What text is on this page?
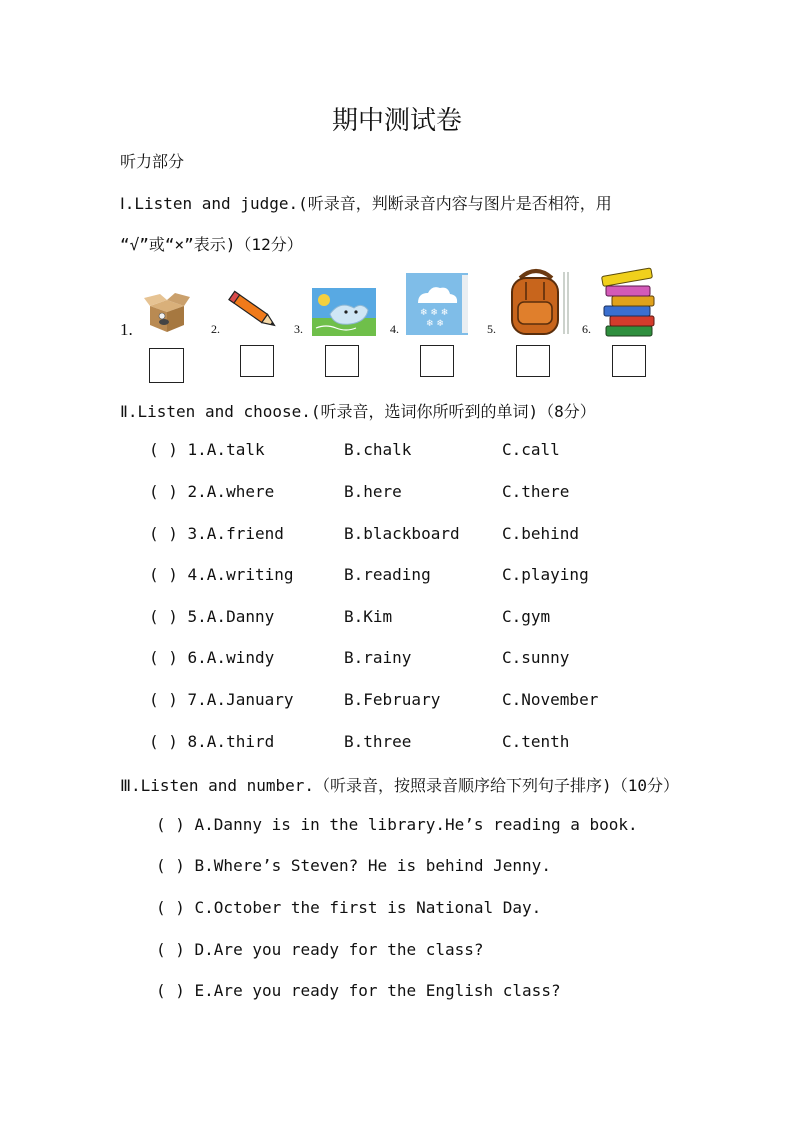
期中测试卷
听力部分
Ⅰ.Listen and judge.(听录音，判断录音内容与图片是否相符，用
“√”或“×”表示)（12分）
1.	2.	3.	4.	5.	6.
❄ ❄ ❄
❄ ❄
Ⅱ.Listen and choose.(听录音，选词你所听到的单词)（8分）
( ) 1.A.talk	B.chalk	C.call
( ) 2.A.where	B.here	C.there
( ) 3.A.friend	B.blackboard	C.behind
( ) 4.A.writing	B.reading	C.playing
( ) 5.A.Danny	B.Kim	C.gym
( ) 6.A.windy	B.rainy	C.sunny
( ) 7.A.January	B.February	C.November
( ) 8.A.third	B.three	C.tenth
Ⅲ.Listen and number.（听录音，按照录音顺序给下列句子排序)（10分）
( ) A.Danny is in the library.He’s reading a book.
( ) B.Where’s Steven? He is behind Jenny.
( ) C.October the first is National Day.
( ) D.Are you ready for the class?
( ) E.Are you ready for the English class?
